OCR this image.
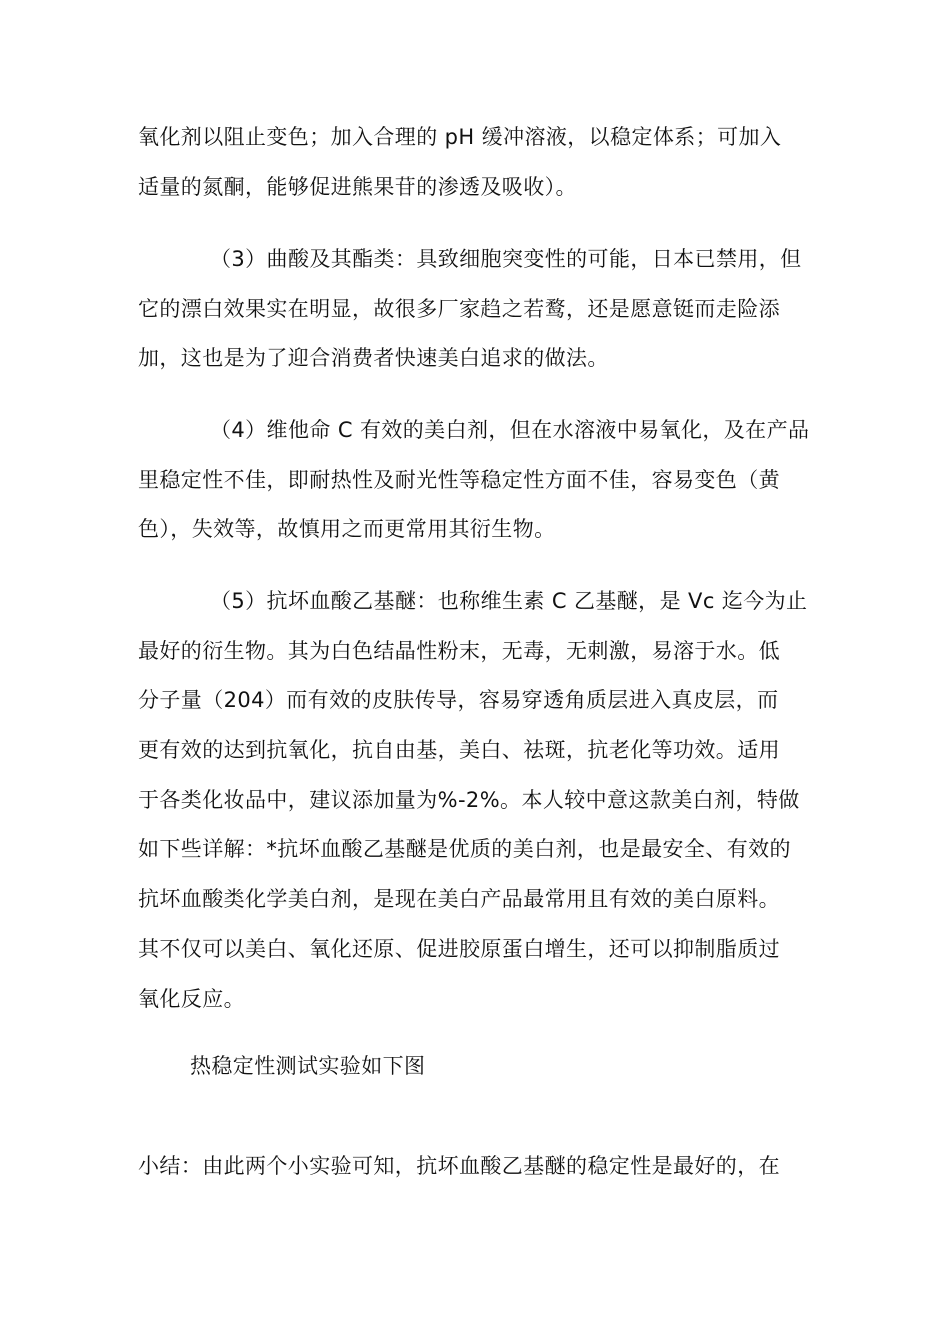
氧化剂以阻止变色；加入合理的 pH 缓冲溶液，以稳定体系；可加入
适量的氮酮，能够促进熊果苷的渗透及吸收）。
（3）曲酸及其酯类：具致细胞突变性的可能，日本已禁用，但
它的漂白效果实在明显，故很多厂家趋之若鹜，还是愿意铤而走险添
加，这也是为了迎合消费者快速美白追求的做法。
（4）维他命 C 有效的美白剂，但在水溶液中易氧化，及在产品
里稳定性不佳，即耐热性及耐光性等稳定性方面不佳，容易变色（黄
色），失效等，故慎用之而更常用其衍生物。
（5）抗坏血酸乙基醚：也称维生素 C 乙基醚，是 Vc 迄今为止
最好的衍生物。其为白色结晶性粉末，无毒，无刺激，易溶于水。低
分子量（204）而有效的皮肤传导，容易穿透角质层进入真皮层，而
更有效的达到抗氧化，抗自由基，美白、祛斑，抗老化等功效。适用
于各类化妆品中，建议添加量为%-2%。本人较中意这款美白剂，特做
如下些详解：*抗坏血酸乙基醚是优质的美白剂，也是最安全、有效的
抗坏血酸类化学美白剂，是现在美白产品最常用且有效的美白原料。
其不仅可以美白、氧化还原、促进胶原蛋白增生，还可以抑制脂质过
氧化反应。
热稳定性测试实验如下图
小结：由此两个小实验可知，抗坏血酸乙基醚的稳定性是最好的，在
